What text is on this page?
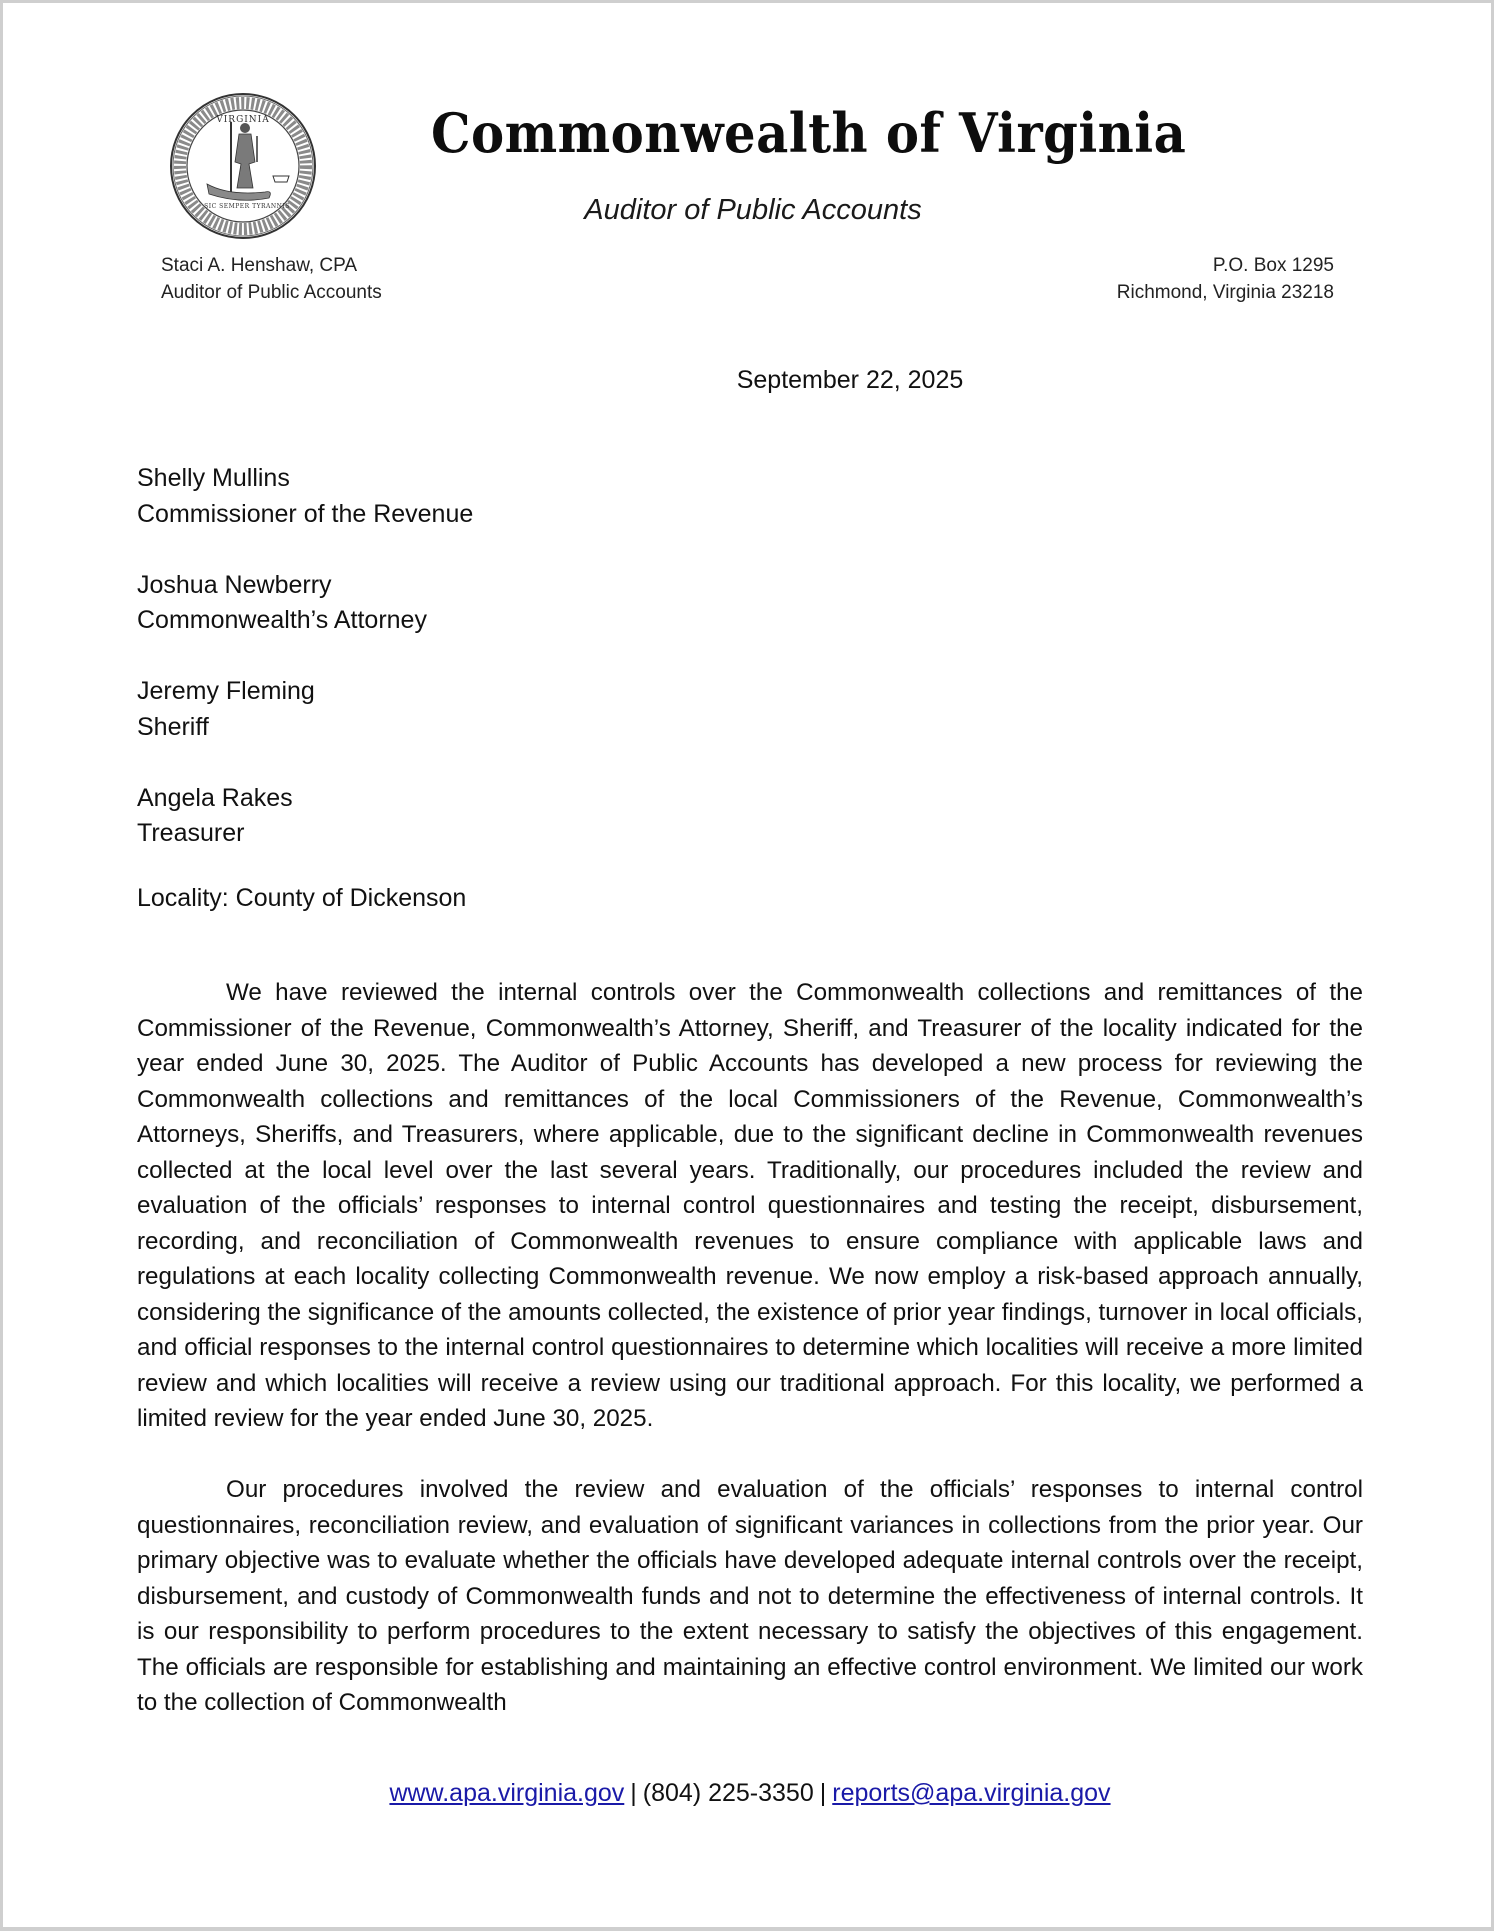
VIRGINIA
SIC SEMPER TYRANNIS
Commonwealth of Virginia
Auditor of Public Accounts
Staci A. Henshaw, CPA
Auditor of Public Accounts
P.O. Box 1295
Richmond, Virginia 23218
September 22, 2025
Shelly Mullins
Commissioner of the Revenue
Joshua Newberry
Commonwealth’s Attorney
Jeremy Fleming
Sheriff
Angela Rakes
Treasurer
Locality: County of Dickenson

We have reviewed the internal controls over the Commonwealth collections and remittances of the Commissioner of the Revenue, Commonwealth’s Attorney, Sheriff, and Treasurer of the locality indicated for the year ended June 30, 2025. The Auditor of Public Accounts has developed a new process for reviewing the Commonwealth collections and remittances of the local Commissioners of the Revenue, Commonwealth’s Attorneys, Sheriffs, and Treasurers, where applicable, due to the significant decline in Commonwealth revenues collected at the local level over the last several years. Traditionally, our procedures included the review and evaluation of the officials’ responses to internal control questionnaires and testing the receipt, disbursement, recording, and reconciliation of Commonwealth revenues to ensure compliance with applicable laws and regulations at each locality collecting Commonwealth revenue. We now employ a risk-based approach annually, considering the significance of the amounts collected, the existence of prior year findings, turnover in local officials, and official responses to the internal control questionnaires to determine which localities will receive a more limited review and which localities will receive a review using our traditional approach. For this locality, we performed a limited review for the year ended June 30, 2025.

Our procedures involved the review and evaluation of the officials’ responses to internal control questionnaires, reconciliation review, and evaluation of significant variances in collections from the prior year. Our primary objective was to evaluate whether the officials have developed adequate internal controls over the receipt, disbursement, and custody of Commonwealth funds and not to determine the effectiveness of internal controls. It is our responsibility to perform procedures to the extent necessary to satisfy the objectives of this engagement. The officials are responsible for establishing and maintaining an effective control environment. We limited our work to the collection of Commonwealth

www.apa.virginia.gov | (804) 225-3350 | reports@apa.virginia.gov
